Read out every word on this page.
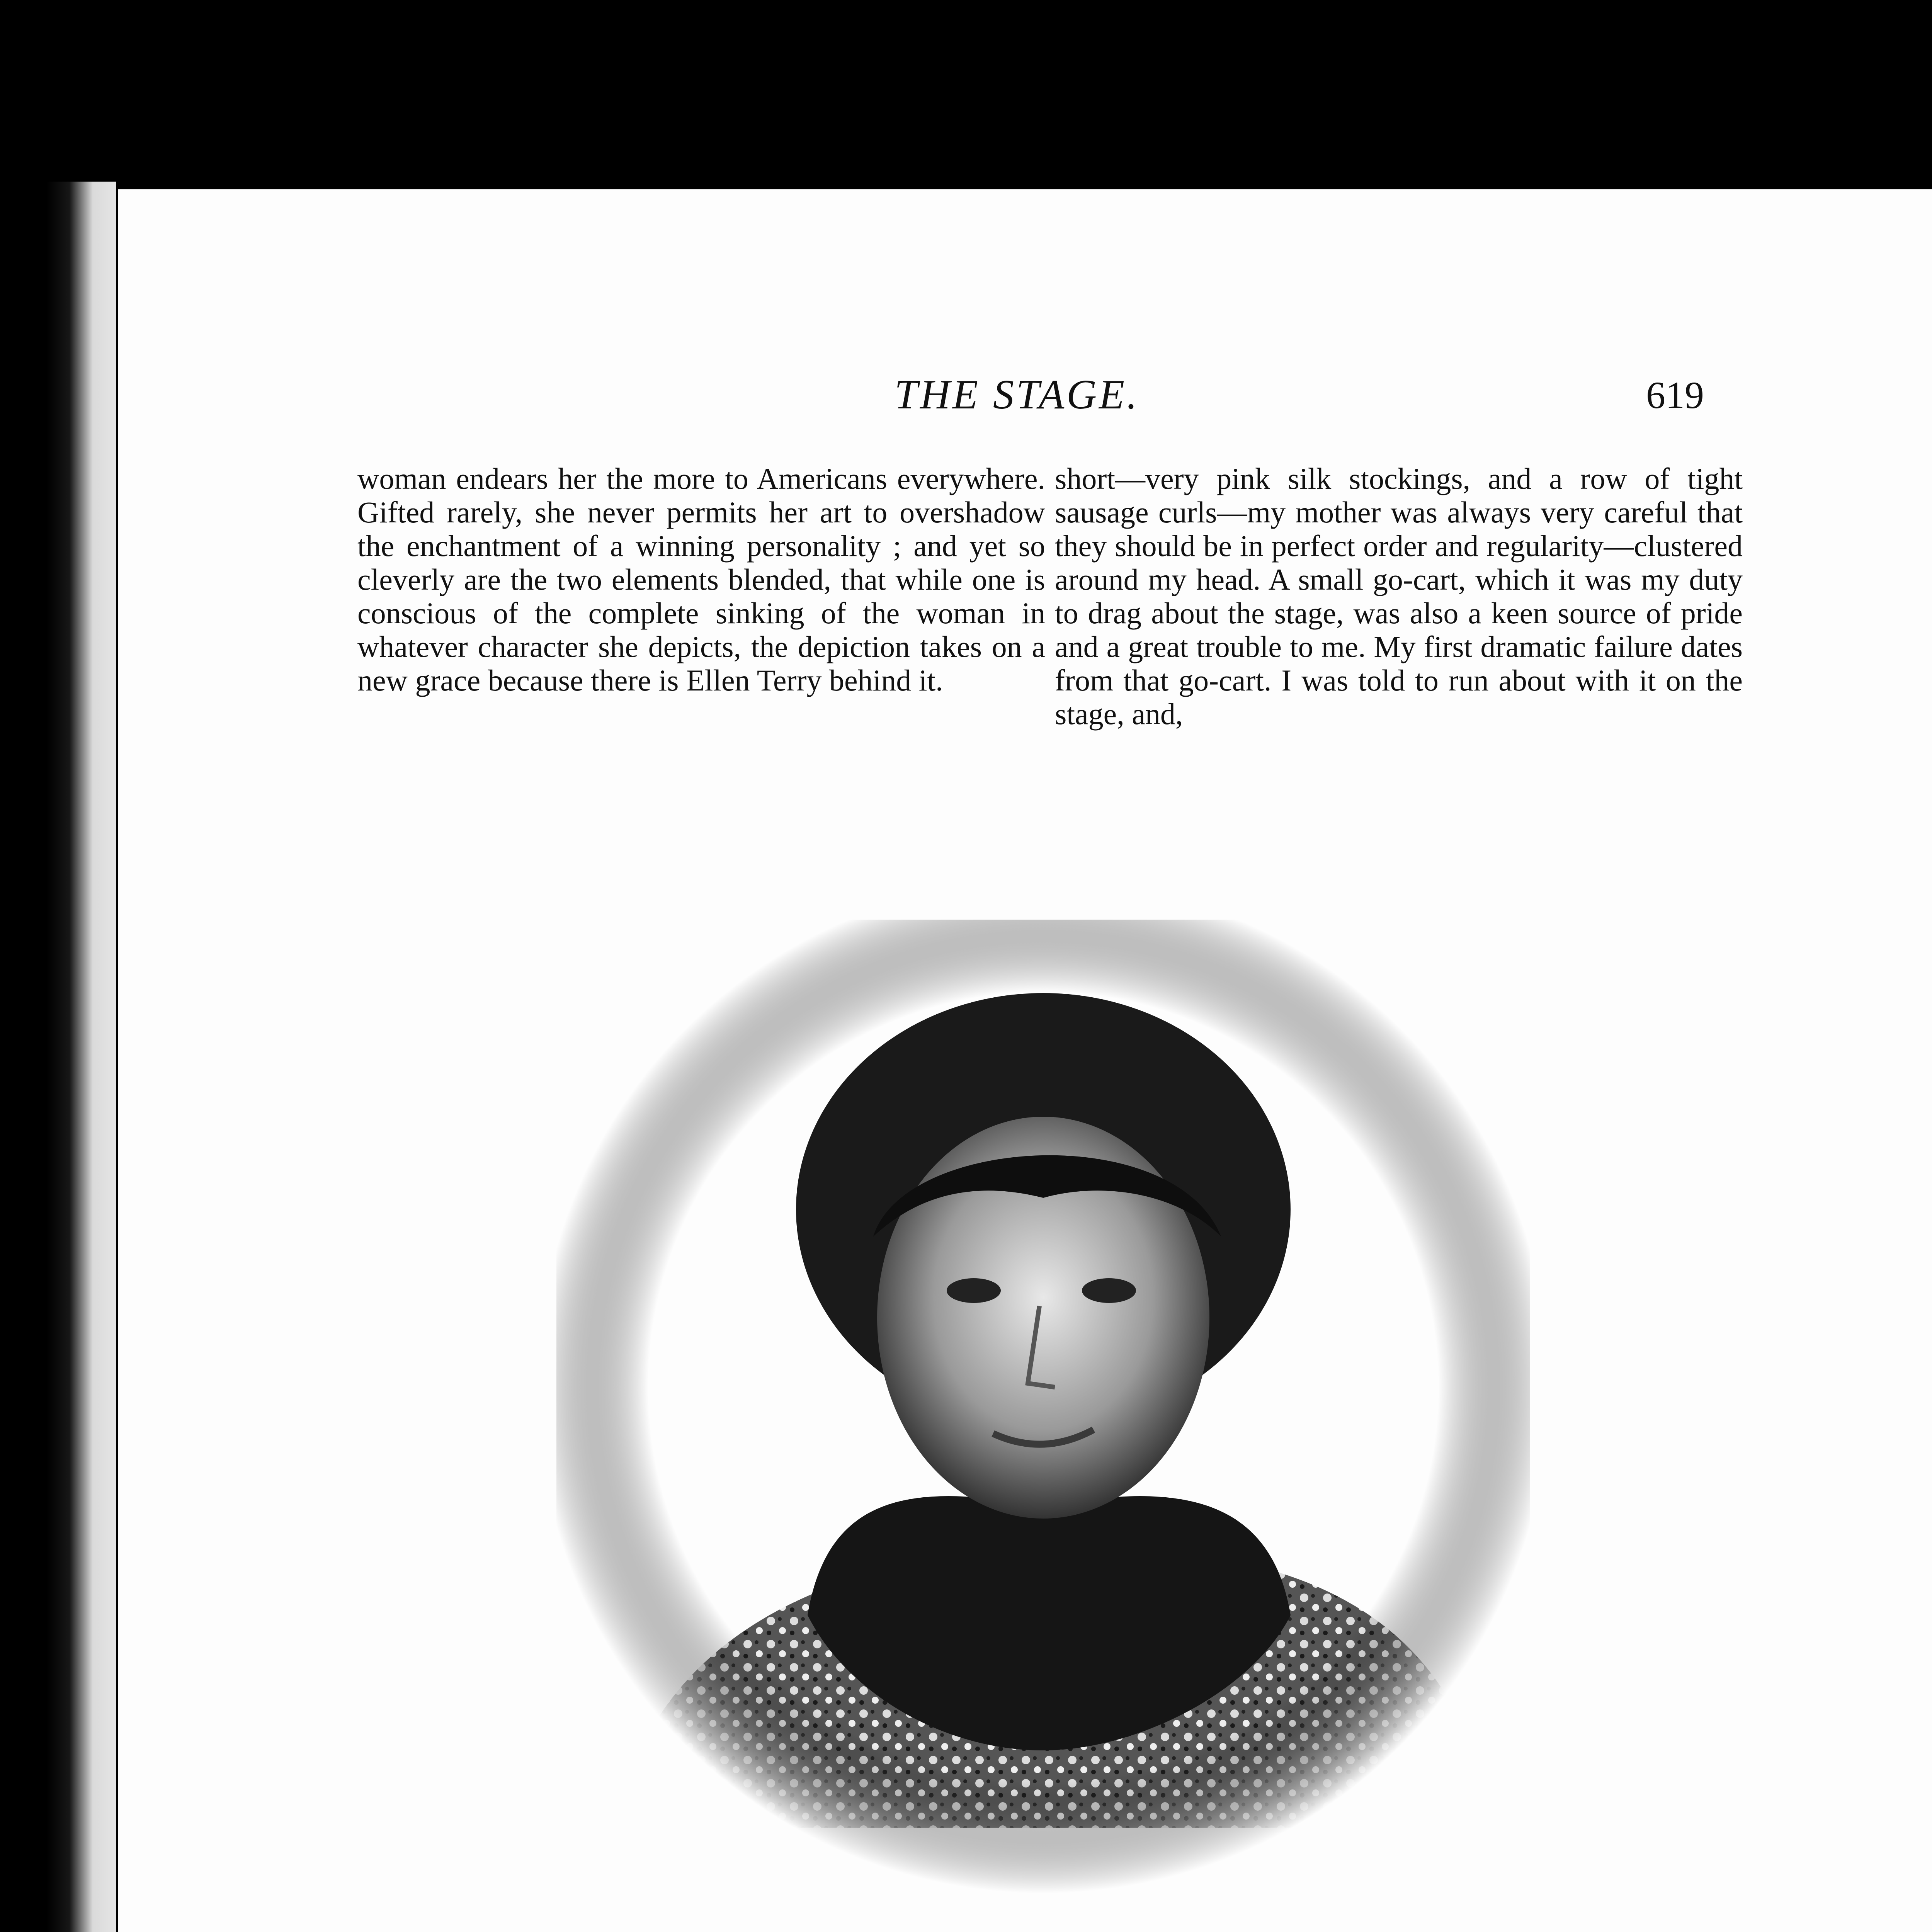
THE STAGE.	619

woman endears her the more to Americans everywhere. Gifted rarely, she never permits her art to overshadow the enchantment of a winning personality ; and yet so cleverly are the two elements blended, that while one is conscious of the complete sinking of the woman in whatever character she depicts, the depiction takes on a new grace because there is Ellen Terry behind it.

short—very pink silk stockings, and a row of tight sausage curls—my mother was always very careful that they should be in perfect order and regularity—clustered around my head. A small go-cart, which it was my duty to drag about the stage, was also a keen source of pride and a great trouble to me. My first dramatic failure dates from that go-cart. I was told to run about with it on the stage, and,
